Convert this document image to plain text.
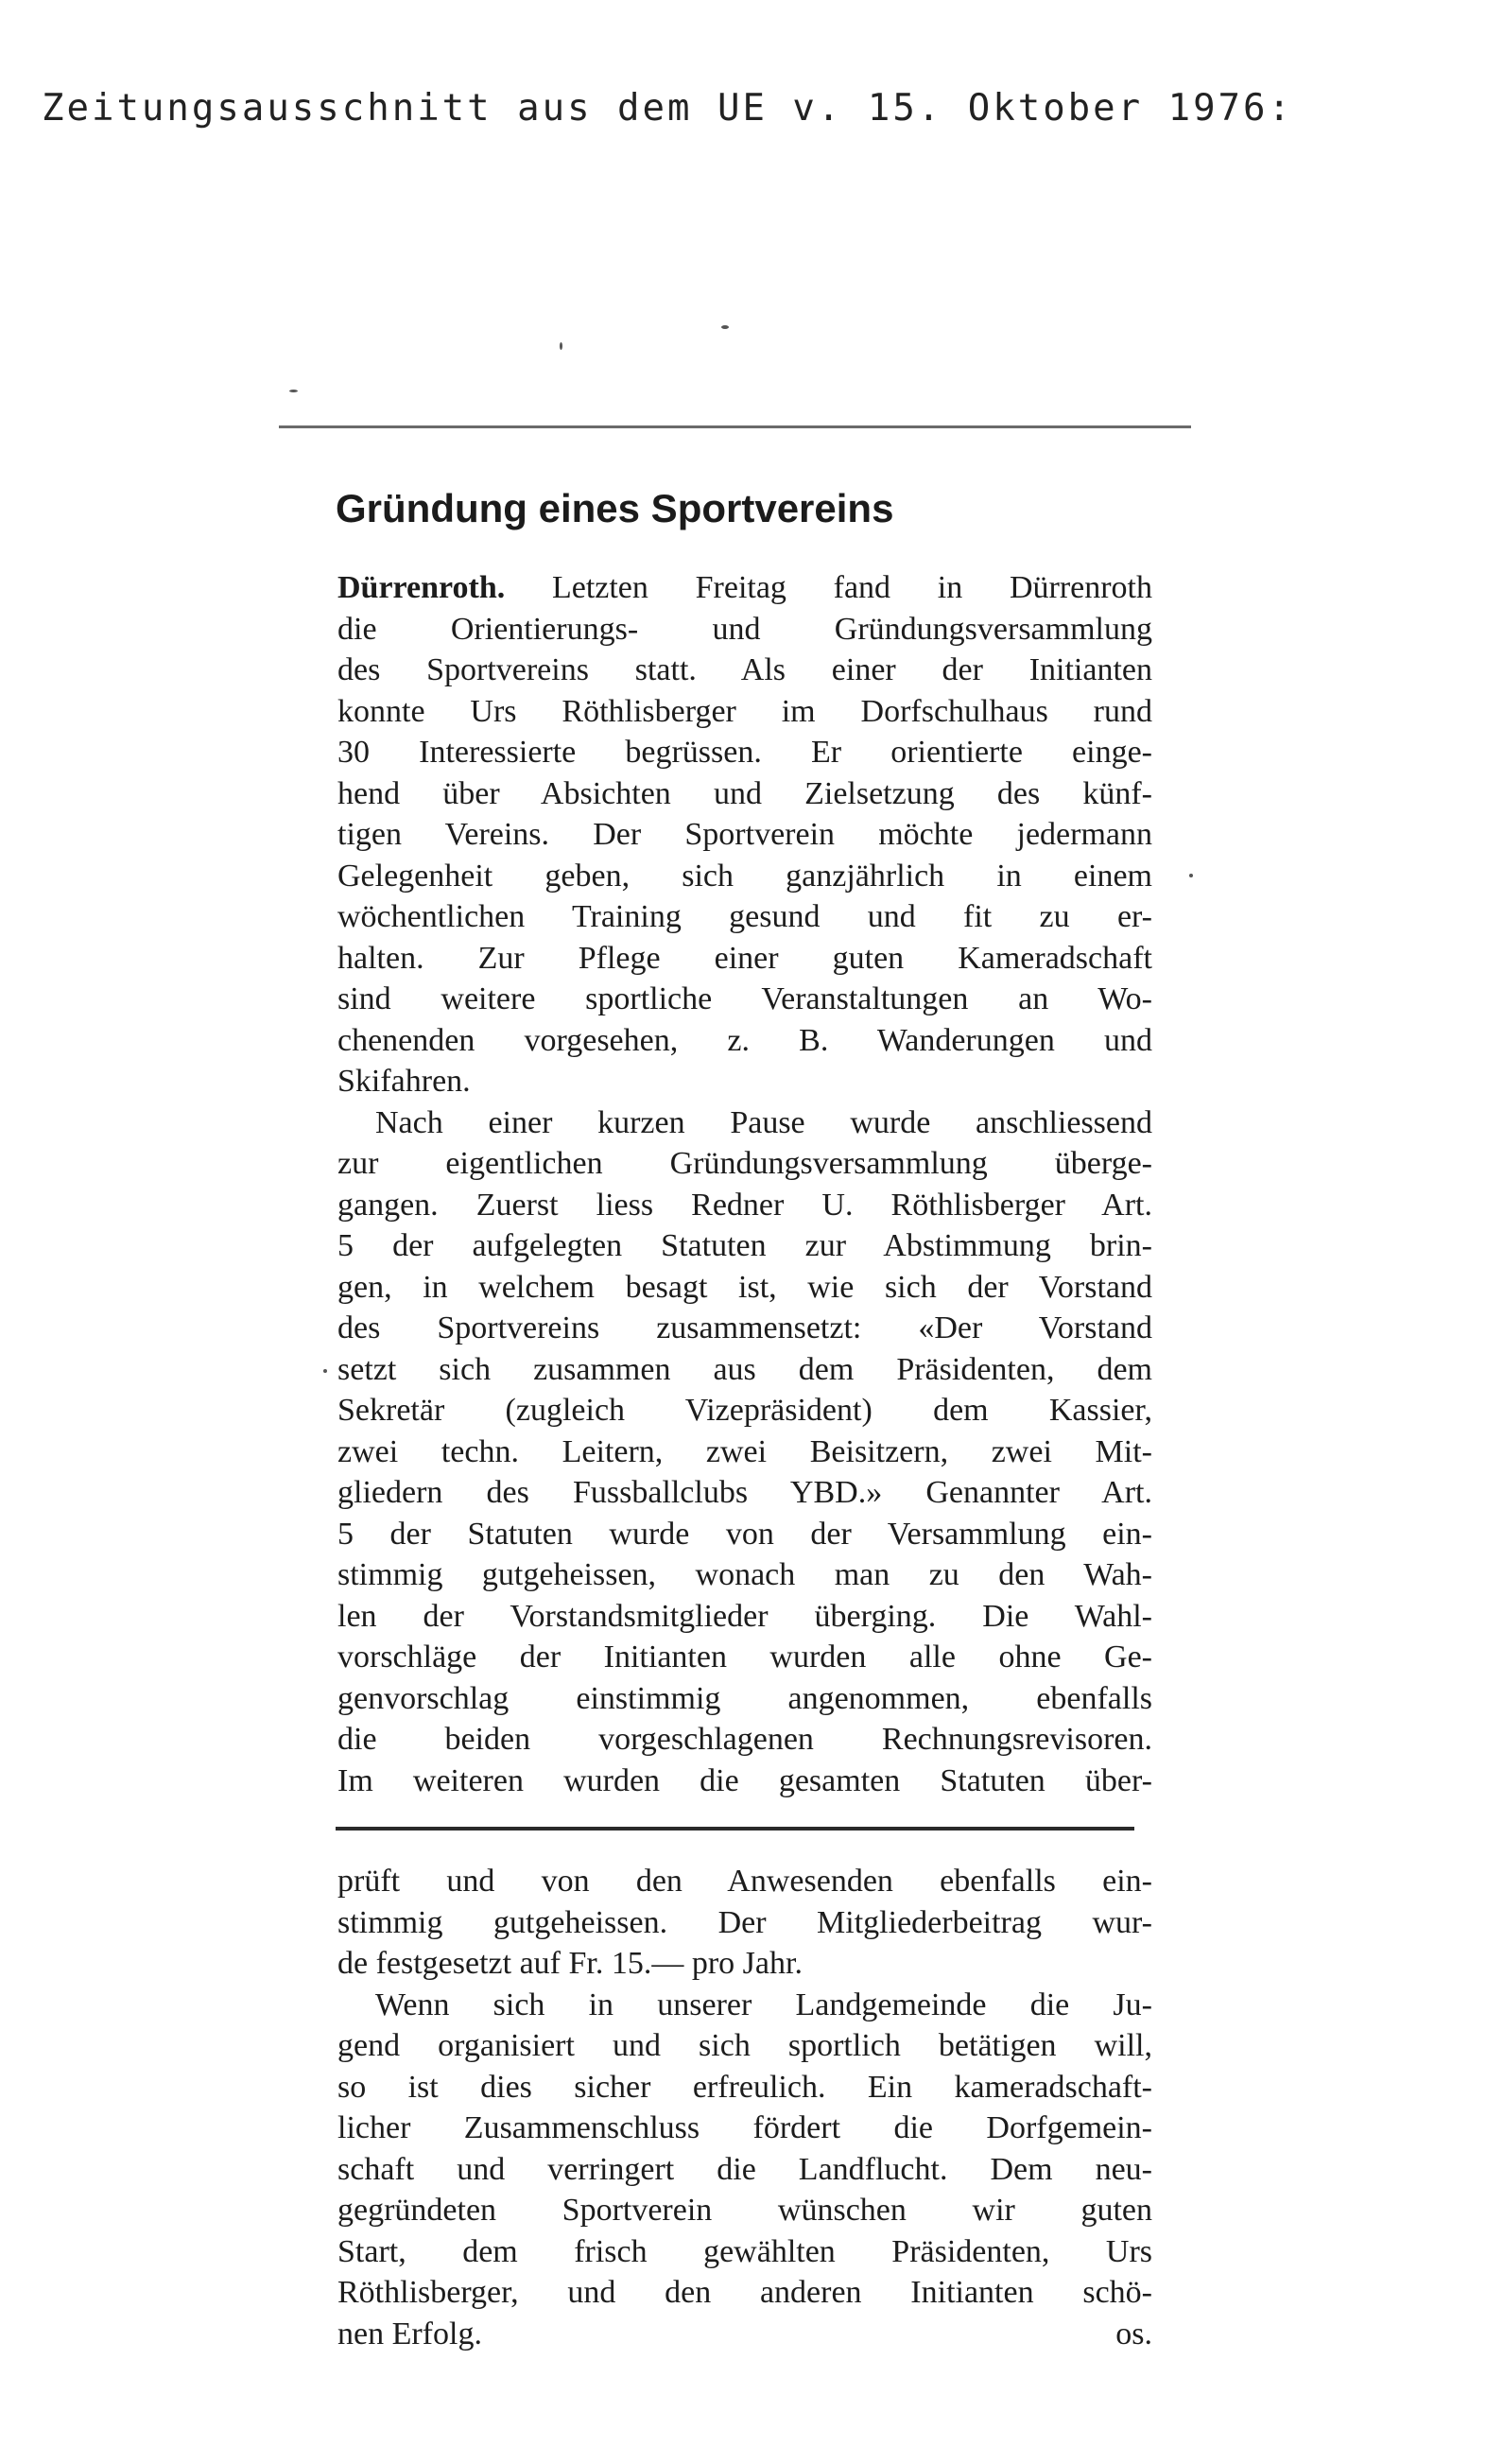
Zeitungsausschnitt aus dem UE v. 15. Oktober 1976:
Gründung eines Sportvereins
Dürrenroth. Letzten Freitag fand in Dürrenroth
die Orientierungs- und Gründungsversammlung
des Sportvereins statt. Als einer der Initianten
konnte Urs Röthlisberger im Dorfschulhaus rund
30 Interessierte begrüssen. Er orientierte einge-
hend über Absichten und Zielsetzung des künf-
tigen Vereins. Der Sportverein möchte jedermann
Gelegenheit geben, sich ganzjährlich in einem
wöchentlichen Training gesund und fit zu er-
halten. Zur Pflege einer guten Kameradschaft
sind weitere sportliche Veranstaltungen an Wo-
chenenden vorgesehen, z. B. Wanderungen und
Skifahren.
Nach einer kurzen Pause wurde anschliessend
zur eigentlichen Gründungsversammlung überge-
gangen. Zuerst liess Redner U. Röthlisberger Art.
5 der aufgelegten Statuten zur Abstimmung brin-
gen, in welchem besagt ist, wie sich der Vorstand
des Sportvereins zusammensetzt: «Der Vorstand
setzt sich zusammen aus dem Präsidenten, dem
Sekretär (zugleich Vizepräsident) dem Kassier,
zwei techn. Leitern, zwei Beisitzern, zwei Mit-
gliedern des Fussballclubs YBD.» Genannter Art.
5 der Statuten wurde von der Versammlung ein-
stimmig gutgeheissen, wonach man zu den Wah-
len der Vorstandsmitglieder überging. Die Wahl-
vorschläge der Initianten wurden alle ohne Ge-
genvorschlag einstimmig angenommen, ebenfalls
die beiden vorgeschlagenen Rechnungsrevisoren.
Im weiteren wurden die gesamten Statuten über-
prüft und von den Anwesenden ebenfalls ein-
stimmig gutgeheissen. Der Mitgliederbeitrag wur-
de festgesetzt auf Fr. 15.— pro Jahr.
Wenn sich in unserer Landgemeinde die Ju-
gend organisiert und sich sportlich betätigen will,
so ist dies sicher erfreulich. Ein kameradschaft-
licher Zusammenschluss fördert die Dorfgemein-
schaft und verringert die Landflucht. Dem neu-
gegründeten Sportverein wünschen wir guten
Start, dem frisch gewählten Präsidenten, Urs
Röthlisberger, und den anderen Initianten schö-
nen Erfolg.	os.
